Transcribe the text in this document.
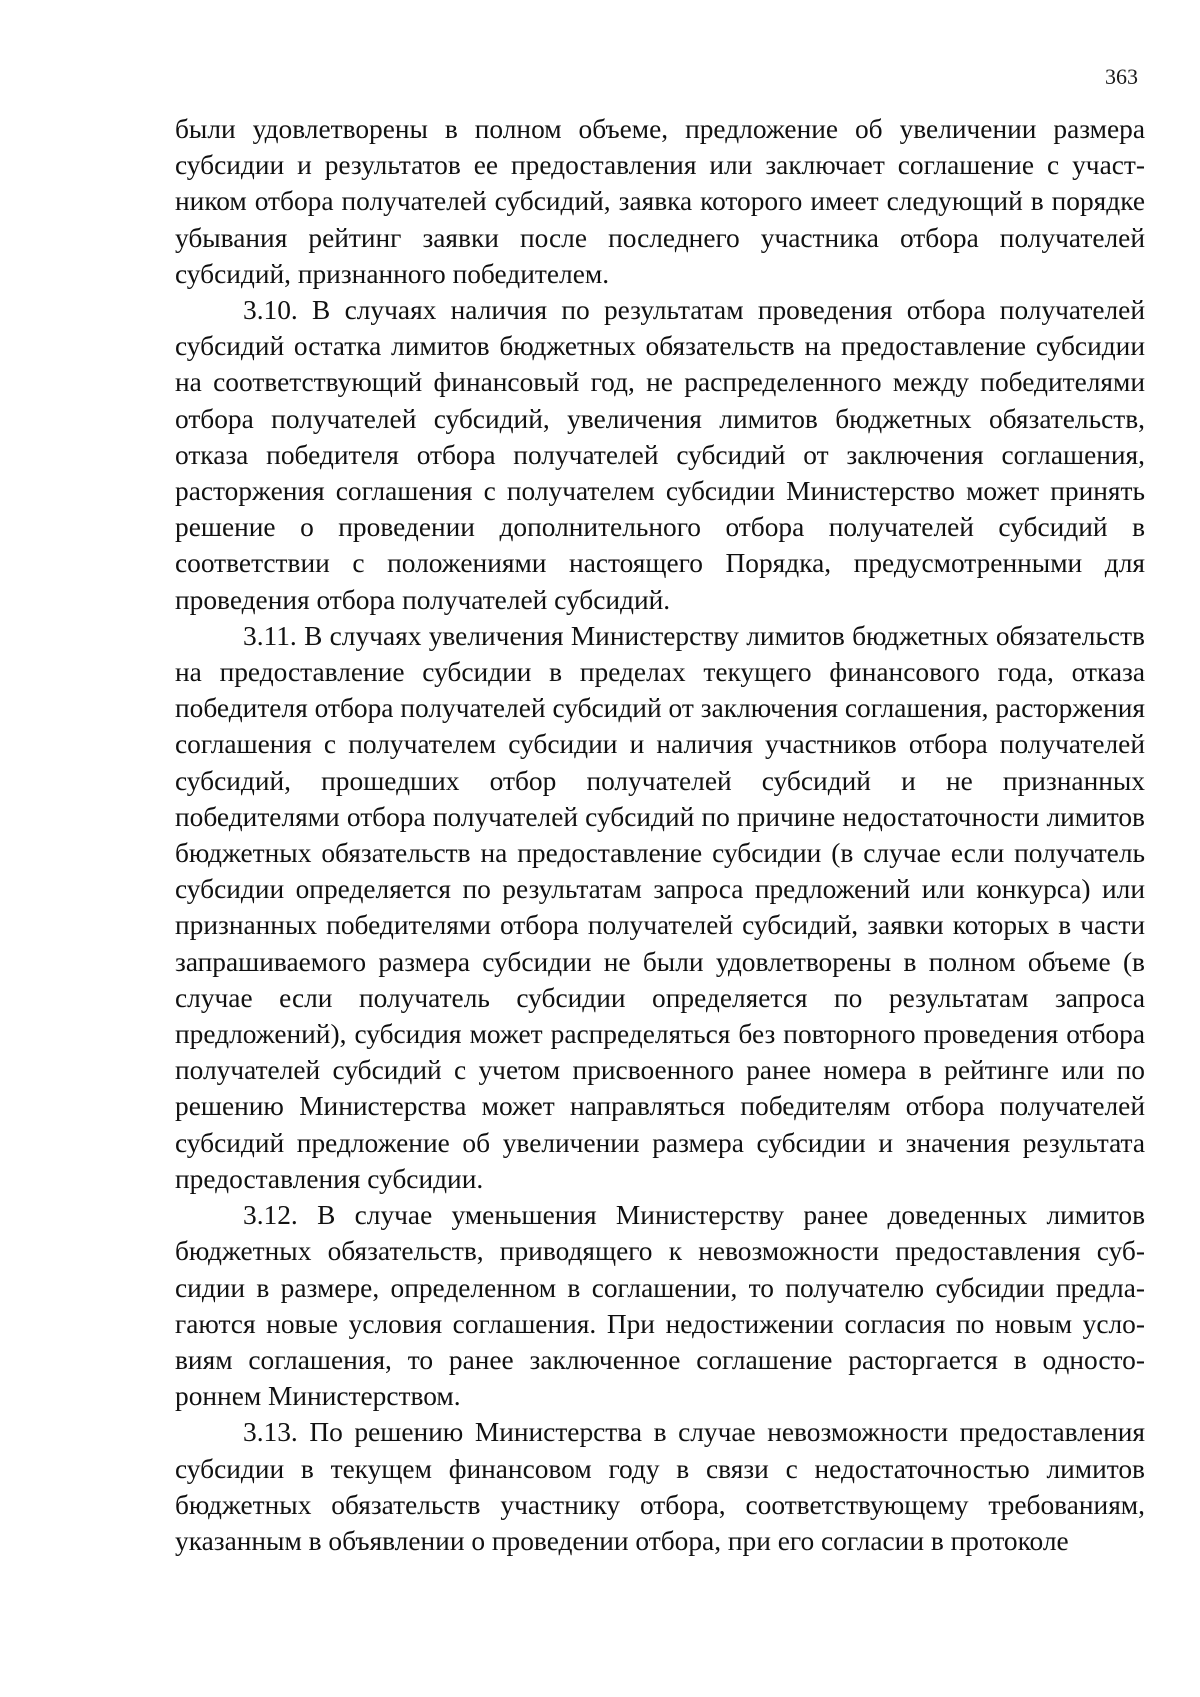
363

были удовлетворены в полном объеме, предложение об увеличении размера субсидии и результатов ее предоставления или заключает соглашение с участником отбора получателей субсидий, заявка которого имеет следующий в порядке убывания рейтинг заявки после последнего участника отбора получателей субсидий, признанного победителем.

3.10. В случаях наличия по результатам проведения отбора получателей субсидий остатка лимитов бюджетных обязательств на предоставление субсидии на соответствующий финансовый год, не распределенного между победителями отбора получателей субсидий, увеличения лимитов бюджетных обязательств, отказа победителя отбора получателей субсидий от заключения соглашения, расторжения соглашения с получателем субсидии Министерство может принять решение о проведении дополнительного отбора получателей субсидий в соответствии с положениями настоящего Порядка, предусмотренными для проведения отбора получателей субсидий.

3.11. В случаях увеличения Министерству лимитов бюджетных обязательств на предоставление субсидии в пределах текущего финансового года, отказа победителя отбора получателей субсидий от заключения соглашения, расторжения соглашения с получателем субсидии и наличия участников отбора получателей субсидий, прошедших отбор получателей субсидий и не признанных победителями отбора получателей субсидий по причине недостаточности лимитов бюджетных обязательств на предоставление субсидии (в случае если получатель субсидии определяется по результатам запроса предложений или конкурса) или признанных победителями отбора получателей субсидий, заявки которых в части запрашиваемого размера субсидии не были удовлетворены в полном объеме (в случае если получатель субсидии определяется по результатам запроса предложений), субсидия может распределяться без повторного проведения отбора получателей субсидий с учетом присвоенного ранее номера в рейтинге или по решению Министерства может направляться победителям отбора получателей субсидий предложение об увеличении размера субсидии и значения результата предоставления субсидии.

3.12. В случае уменьшения Министерству ранее доведенных лимитов бюджетных обязательств, приводящего к невозможности предоставления субсидии в размере, определенном в соглашении, то получателю субсидии предлагаются новые условия соглашения. При недостижении согласия по новым условиям соглашения, то ранее заключенное соглашение расторгается в одностороннем Министерством.

3.13. По решению Министерства в случае невозможности предоставления субсидии в текущем финансовом году в связи с недостаточностью лимитов бюджетных обязательств участнику отбора, соответствующему требованиям, указанным в объявлении о проведении отбора, при его согласии в протоколе
